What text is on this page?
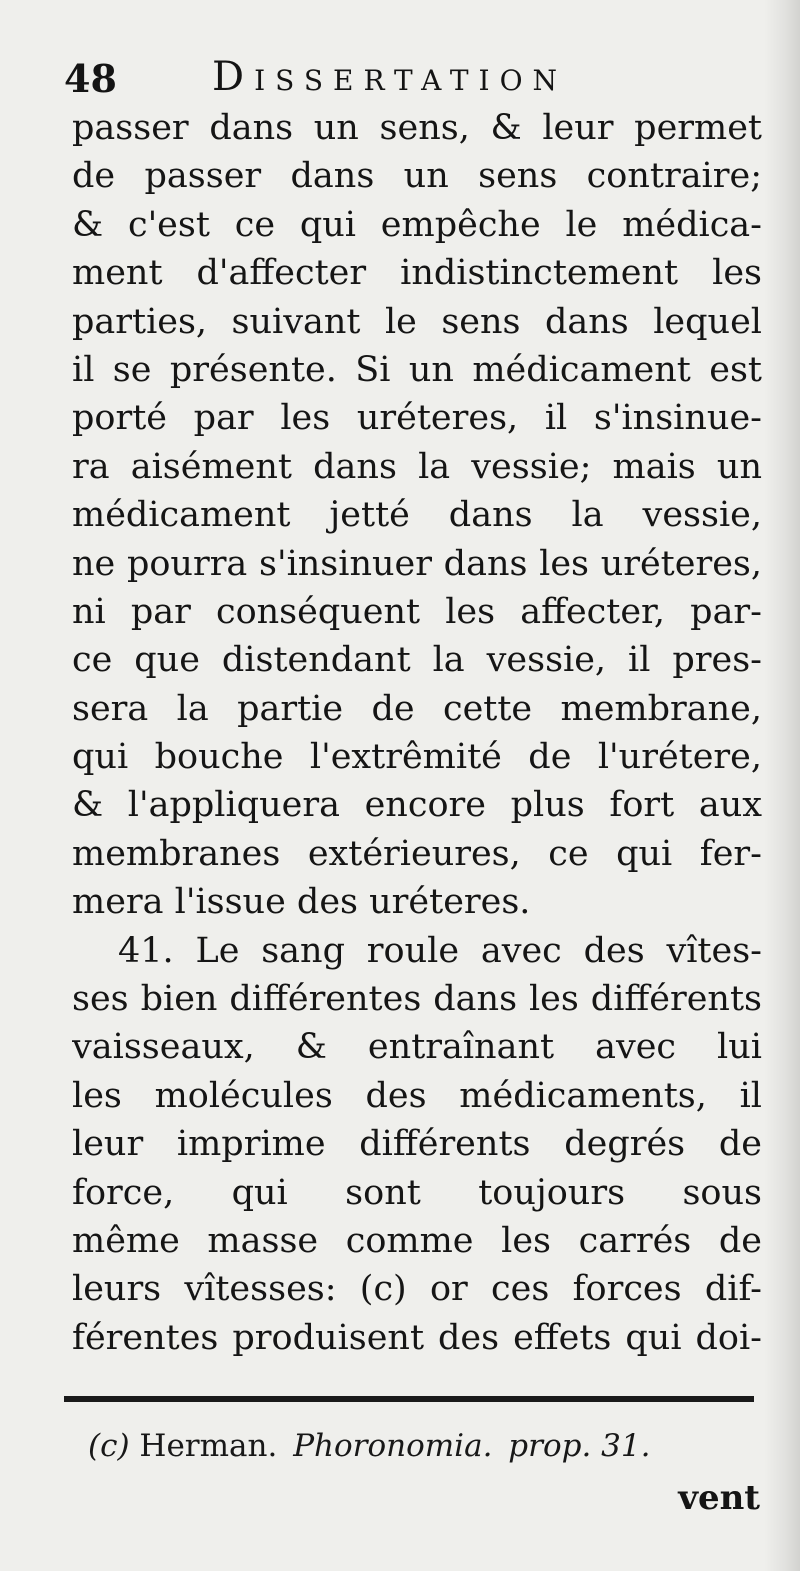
48 Dissertation
passer dans un sens, & leur permet
de passer dans un sens contraire;
& c'est ce qui empêche le médica-
ment d'affecter indistinctement les
parties, suivant le sens dans lequel
il se présente. Si un médicament est
porté par les uréteres, il s'insinue-
ra aisément dans la vessie; mais un
médicament jetté dans la vessie,
ne pourra s'insinuer dans les uréteres,
ni par conséquent les affecter, par-
ce que distendant la vessie, il pres-
sera la partie de cette membrane,
qui bouche l'extrêmité de l'urétere,
& l'appliquera encore plus fort aux
membranes extérieures, ce qui fer-
mera l'issue des uréteres.
41. Le sang roule avec des vîtes-
ses bien différentes dans les différents
vaisseaux, & entraînant avec lui
les molécules des médicaments, il
leur imprime différents degrés de
force, qui sont toujours sous
même masse comme les carrés de
leurs vîtesses: (c) or ces forces dif-
férentes produisent des effets qui doi-
(c) Herman. Phoronomia. prop. 31.
vent
